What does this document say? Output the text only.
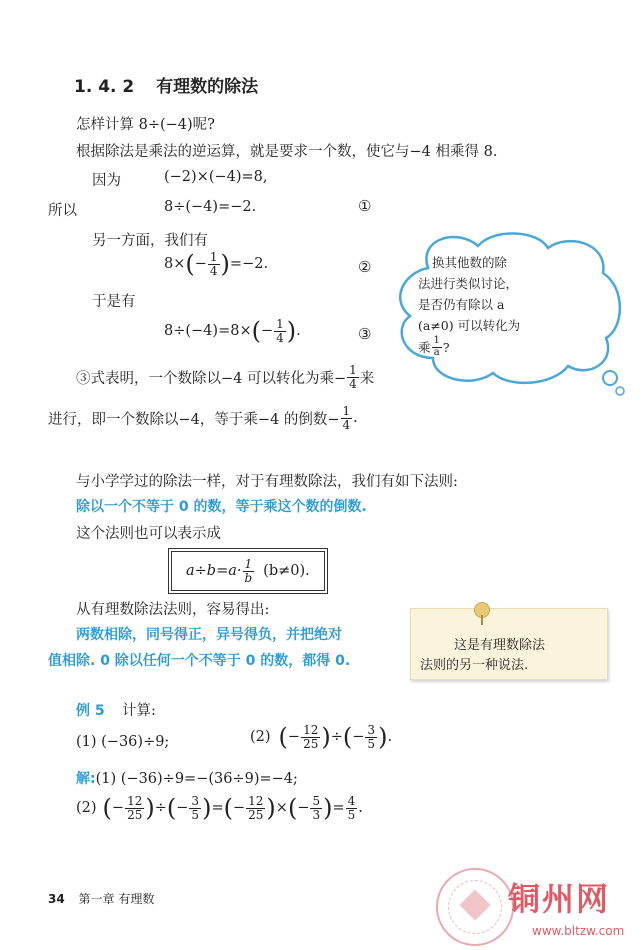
1. 4. 2 有理数的除法
怎样计算 8÷(−4)呢?
根据除法是乘法的逆运算，就是要求一个数，使它与−4 相乘得 8.
因为	(−2)×(−4)=8,
所以	8÷(−4)=−2.	①
另一方面，我们有
8× ( − $\frac{1}{4}$ ) =−2.	②
于是有
8÷(−4)=8× ( − $\frac{1}{4}$ ) .	③
③式表明，一个数除以−4 可以转化为乘− $\frac{1}{4}$ 来
进行，即一个数除以−4，等于乘−4 的倒数− $\frac{1}{4}$ .
换其他数的除
法进行类似讨论，
是否仍有除以 a
(a≠0) 可以转化为
乘 $\frac{1}{a}$ ?
与小学学过的除法一样，对于有理数除法，我们有如下法则:
除以一个不等于 0 的数，等于乘这个数的倒数.
这个法则也可以表示成
$a\div b=a\cdot \frac{1}{b} (b\ne 0)$.
从有理数除法法则，容易得出:
两数相除，同号得正，异号得负，并把绝对
值相除. 0 除以任何一个不等于 0 的数，都得 0.
这是有理数除法
法则的另一种说法.
例 5 计算:
(1) (−36)÷9;	(2) ( − $\frac{12}{25}$ ) ÷ ( − $\frac{3}{5}$ ) .
解:(1) (−36)÷9=−(36÷9)=−4;
(2) ( − $\frac{12}{25}$ ) ÷ ( − $\frac{3}{5}$ ) = ( − $\frac{12}{25}$ ) × ( − $\frac{5}{3}$ ) = $\frac{4}{5}$ .
34 第一章 有理数	铜州网
www.bltzw.com
